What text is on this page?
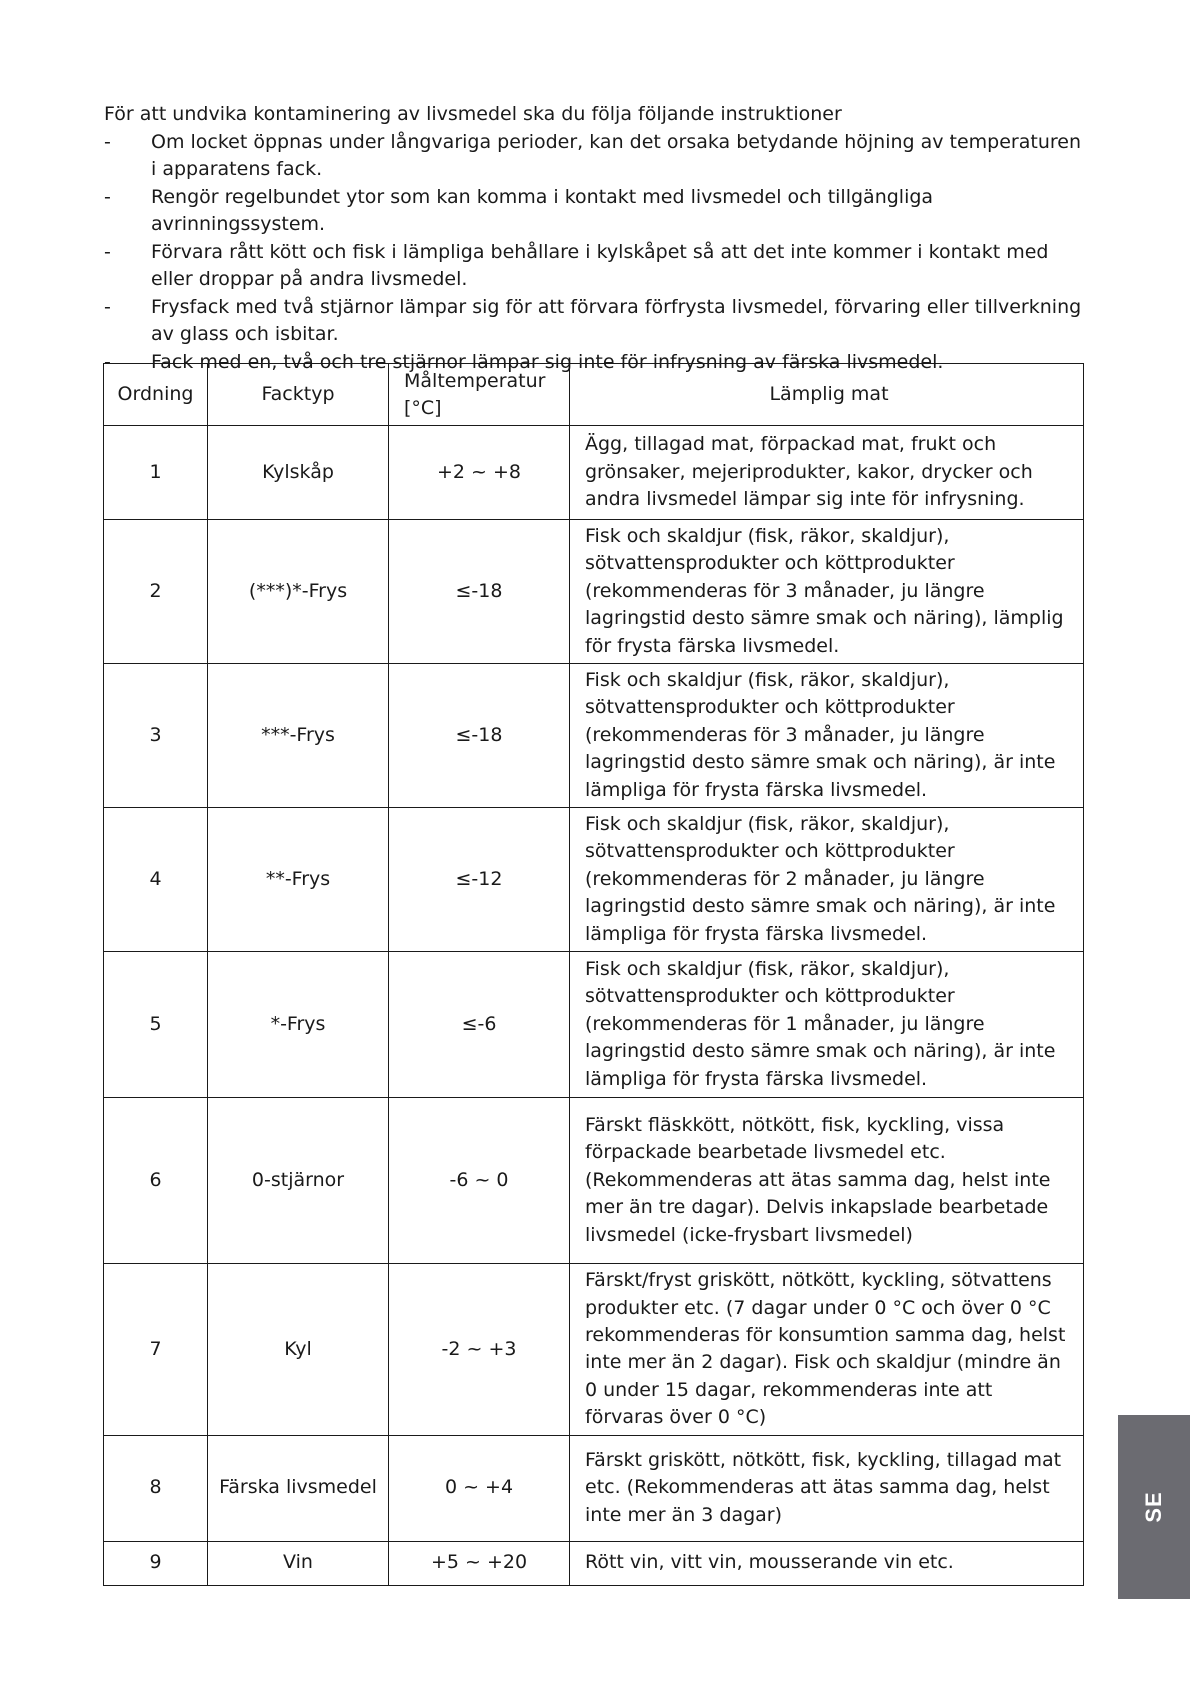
För att undvika kontaminering av livsmedel ska du följa följande instruktioner

- Om locket öppnas under långvariga perioder, kan det orsaka betydande höjning av temperaturen i apparatens fack.
- Rengör regelbundet ytor som kan komma i kontakt med livsmedel och tillgängliga avrinningssystem.
- Förvara rått kött och fisk i lämpliga behållare i kylskåpet så att det inte kommer i kontakt med eller droppar på andra livsmedel.
- Frysfack med två stjärnor lämpar sig för att förvara förfrysta livsmedel, förvaring eller tillverkning av glass och isbitar.
- Fack med en, två och tre stjärnor lämpar sig inte för infrysning av färska livsmedel.
Ordning	Facktyp	Måltemperatur [°C]	Lämplig mat
1	Kylskåp	+2 ~ +8	Ägg, tillagad mat, förpackad mat, frukt och grönsaker, mejeriprodukter, kakor, drycker och andra livsmedel lämpar sig inte för infrysning.
2	(***)*-Frys	≤-18	Fisk och skaldjur (fisk, räkor, skaldjur), sötvattensprodukter och köttprodukter (rekommenderas för 3 månader, ju längre lagringstid desto sämre smak och näring), lämplig för frysta färska livsmedel.
3	***-Frys	≤-18	Fisk och skaldjur (fisk, räkor, skaldjur), sötvattensprodukter och köttprodukter (rekommenderas för 3 månader, ju längre lagringstid desto sämre smak och näring), är inte lämpliga för frysta färska livsmedel.
4	**-Frys	≤-12	Fisk och skaldjur (fisk, räkor, skaldjur), sötvattensprodukter och köttprodukter (rekommenderas för 2 månader, ju längre lagringstid desto sämre smak och näring), är inte lämpliga för frysta färska livsmedel.
5	*-Frys	≤-6	Fisk och skaldjur (fisk, räkor, skaldjur), sötvattensprodukter och köttprodukter (rekommenderas för 1 månader, ju längre lagringstid desto sämre smak och näring), är inte lämpliga för frysta färska livsmedel.
6	0-stjärnor	-6 ~ 0	Färskt fläskkött, nötkött, fisk, kyckling, vissa förpackade bearbetade livsmedel etc. (Rekommenderas att ätas samma dag, helst inte mer än tre dagar). Delvis inkapslade bearbetade livsmedel (icke-frysbart livsmedel)
7	Kyl	-2 ~ +3	Färskt/fryst griskött, nötkött, kyckling, sötvattens produkter etc. (7 dagar under 0 °C och över 0 °C rekommenderas för konsumtion samma dag, helst inte mer än 2 dagar). Fisk och skaldjur (mindre än 0 under 15 dagar, rekommenderas inte att förvaras över 0 °C)
8	Färska livsmedel	0 ~ +4	Färskt griskött, nötkött, fisk, kyckling, tillagad mat etc. (Rekommenderas att ätas samma dag, helst inte mer än 3 dagar)
9	Vin	+5 ~ +20	Rött vin, vitt vin, mousserande vin etc.
SE
